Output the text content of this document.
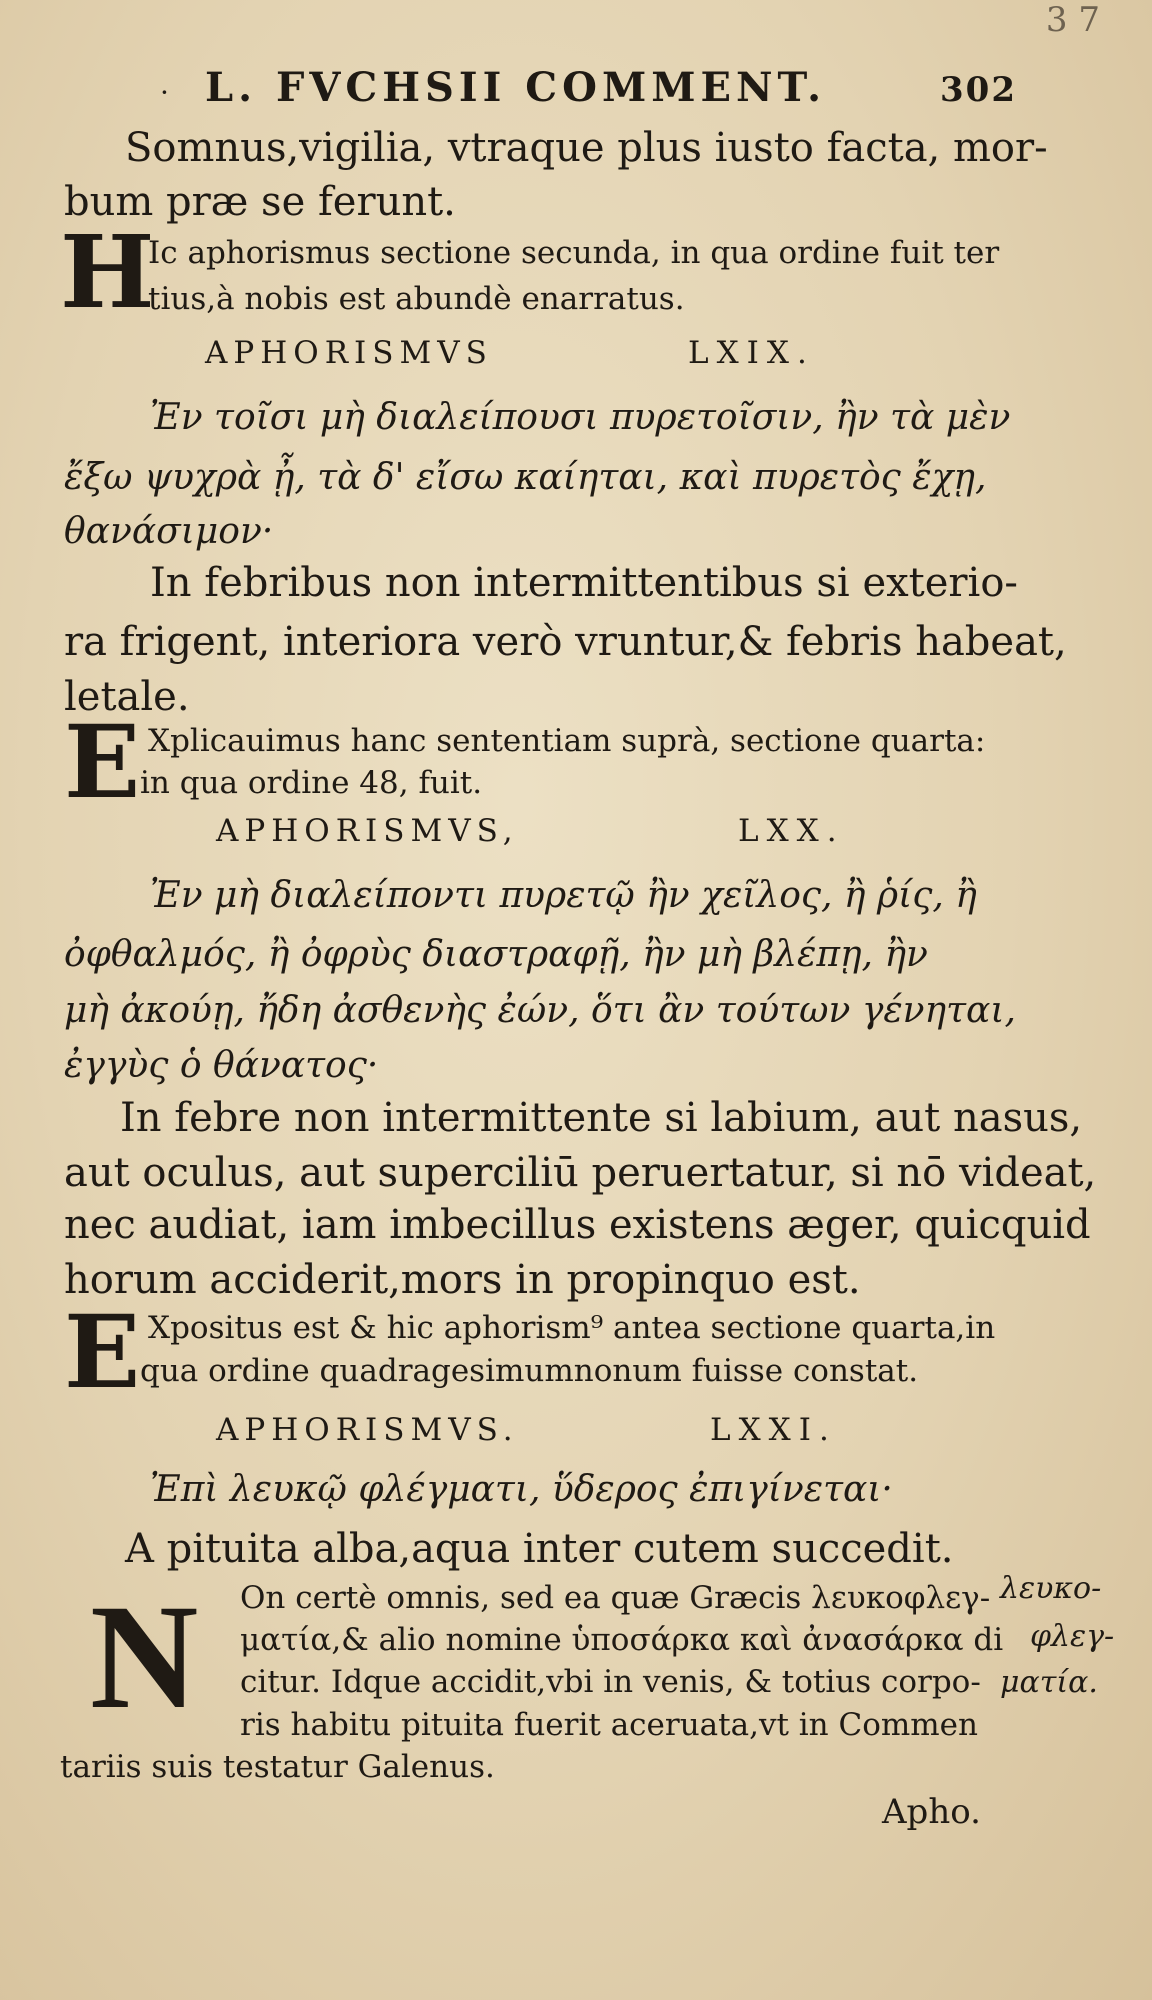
3 7
· L. FVCHSII COMMENT.	302
Somnus,vigilia, vtraque plus iusto facta, mor-
bum præ se ferunt.
H
Ic aphorismus sectione secunda, in qua ordine fuit ter
tius,à nobis est abundè enarratus.
APHORISMVS	LXIX.
Ἐν τοῖσι μὴ διαλείπουσι πυρετοῖσιν, ἢν τὰ μὲν
ἔξω ψυχρὰ ᾖ, τὰ δ' εἴσω καίηται, καὶ πυρετὸς ἔχῃ,
θανάσιμον·
In febribus non intermittentibus si exterio-
ra frigent, interiora verò vruntur,& febris habeat,
letale.
E Xplicauimus hanc sententiam suprà, sectione quarta:
in qua ordine 48, fuit.
APHORISMVS,	LXX.
Ἐν μὴ διαλείποντι πυρετῷ ἢν χεῖλος, ἢ ῥίς, ἢ
ὀφθαλμός, ἢ ὀφρὺς διαστραφῇ, ἢν μὴ βλέπῃ, ἢν
μὴ ἀκούῃ, ἤδη ἀσθενὴς ἐών, ὅτι ἂν τούτων γένηται,
ἐγγὺς ὁ θάνατος·
In febre non intermittente si labium, aut nasus,
aut oculus, aut superciliū peruertatur, si nō videat,
nec audiat, iam imbecillus existens æger, quicquid
horum acciderit,mors in propinquo est.
E Xpositus est & hic aphorism⁹ antea sectione quarta,in
qua ordine quadragesimumnonum fuisse constat.
APHORISMVS.	LXXI.
Ἐπὶ λευκῷ φλέγματι, ὕδερος ἐπιγίνεται·
A pituita alba,aqua inter cutem succedit.
N On certè omnis, sed ea quæ Græcis λευκοφλεγ-
ματία,& alio nomine ὑποσάρκα καὶ ἀνασάρκα di
citur. Idque accidit,vbi in venis, & totius corpo-
ris habitu pituita fuerit aceruata,vt in Commen
tariis suis testatur Galenus.
λευκο-
φλεγ-
ματία.
Apho.
